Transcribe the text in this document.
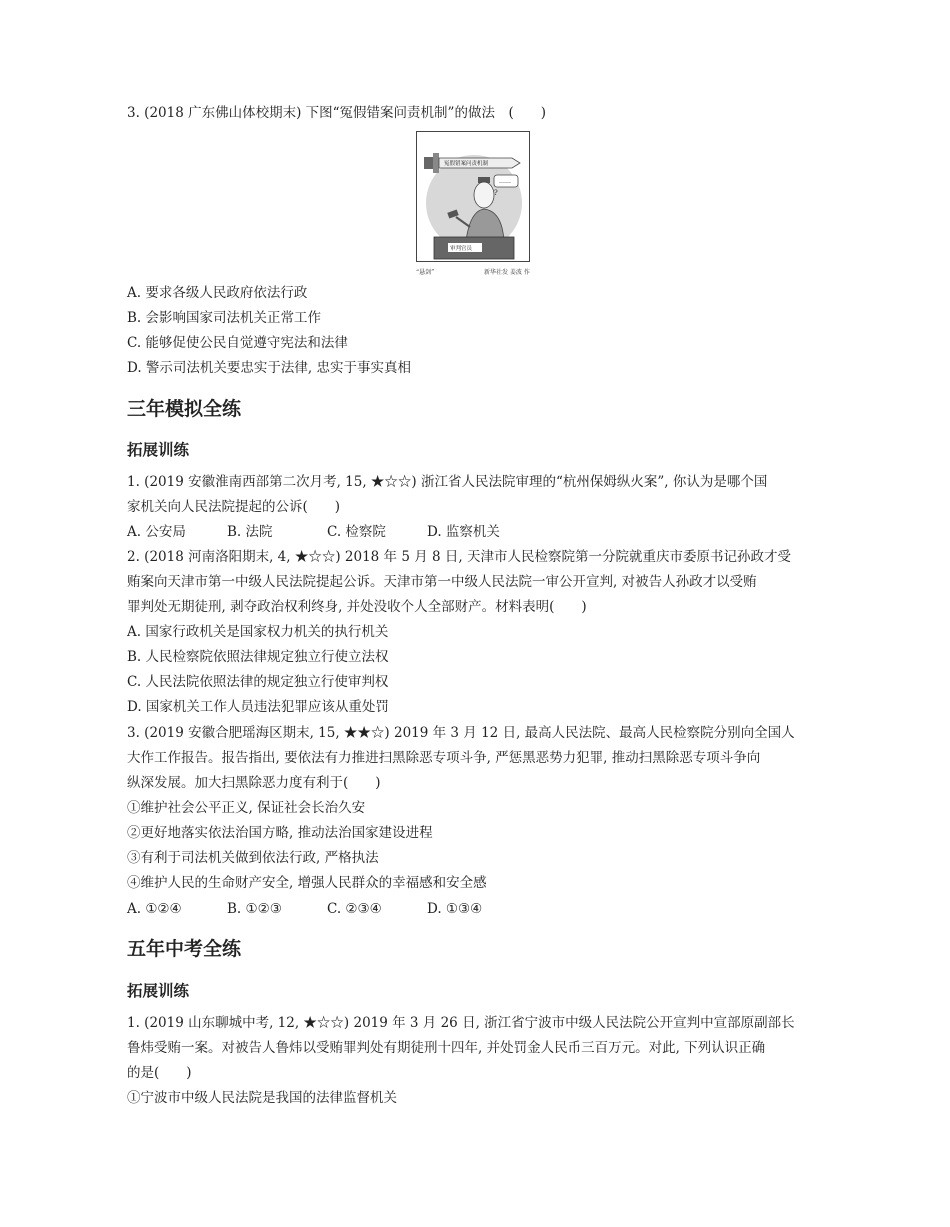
3. (2018 广东佛山体校期末) 下图“冤假错案问责机制”的做法　(　　)
冤假错案问责机制
……
?
审判官员
“悬剑”	新华社发 姜波 作
A. 要求各级人民政府依法行政
B. 会影响国家司法机关正常工作
C. 能够促使公民自觉遵守宪法和法律
D. 警示司法机关要忠实于法律, 忠实于事实真相
三年模拟全练
拓展训练
1. (2019 安徽淮南西部第二次月考, 15, ★☆☆) 浙江省人民法院审理的“杭州保姆纵火案”, 你认为是哪个国
家机关向人民法院提起的公诉(　　)
A. 公安局	B. 法院	C. 检察院	D. 监察机关
2. (2018 河南洛阳期末, 4, ★☆☆) 2018 年 5 月 8 日, 天津市人民检察院第一分院就重庆市委原书记孙政才受
贿案向天津市第一中级人民法院提起公诉。天津市第一中级人民法院一审公开宣判, 对被告人孙政才以受贿
罪判处无期徒刑, 剥夺政治权利终身, 并处没收个人全部财产。材料表明(　　)
A. 国家行政机关是国家权力机关的执行机关
B. 人民检察院依照法律规定独立行使立法权
C. 人民法院依照法律的规定独立行使审判权
D. 国家机关工作人员违法犯罪应该从重处罚
3. (2019 安徽合肥瑶海区期末, 15, ★★☆) 2019 年 3 月 12 日, 最高人民法院、最高人民检察院分别向全国人
大作工作报告。报告指出, 要依法有力推进扫黑除恶专项斗争, 严惩黑恶势力犯罪, 推动扫黑除恶专项斗争向
纵深发展。加大扫黑除恶力度有利于(　　)
①维护社会公平正义, 保证社会长治久安
②更好地落实依法治国方略, 推动法治国家建设进程
③有利于司法机关做到依法行政, 严格执法
④维护人民的生命财产安全, 增强人民群众的幸福感和安全感
A. ①②④	B. ①②③	C. ②③④	D. ①③④
五年中考全练
拓展训练
1. (2019 山东聊城中考, 12, ★☆☆) 2019 年 3 月 26 日, 浙江省宁波市中级人民法院公开宣判中宣部原副部长
鲁炜受贿一案。对被告人鲁炜以受贿罪判处有期徒刑十四年, 并处罚金人民币三百万元。对此, 下列认识正确
的是(　　)
①宁波市中级人民法院是我国的法律监督机关
